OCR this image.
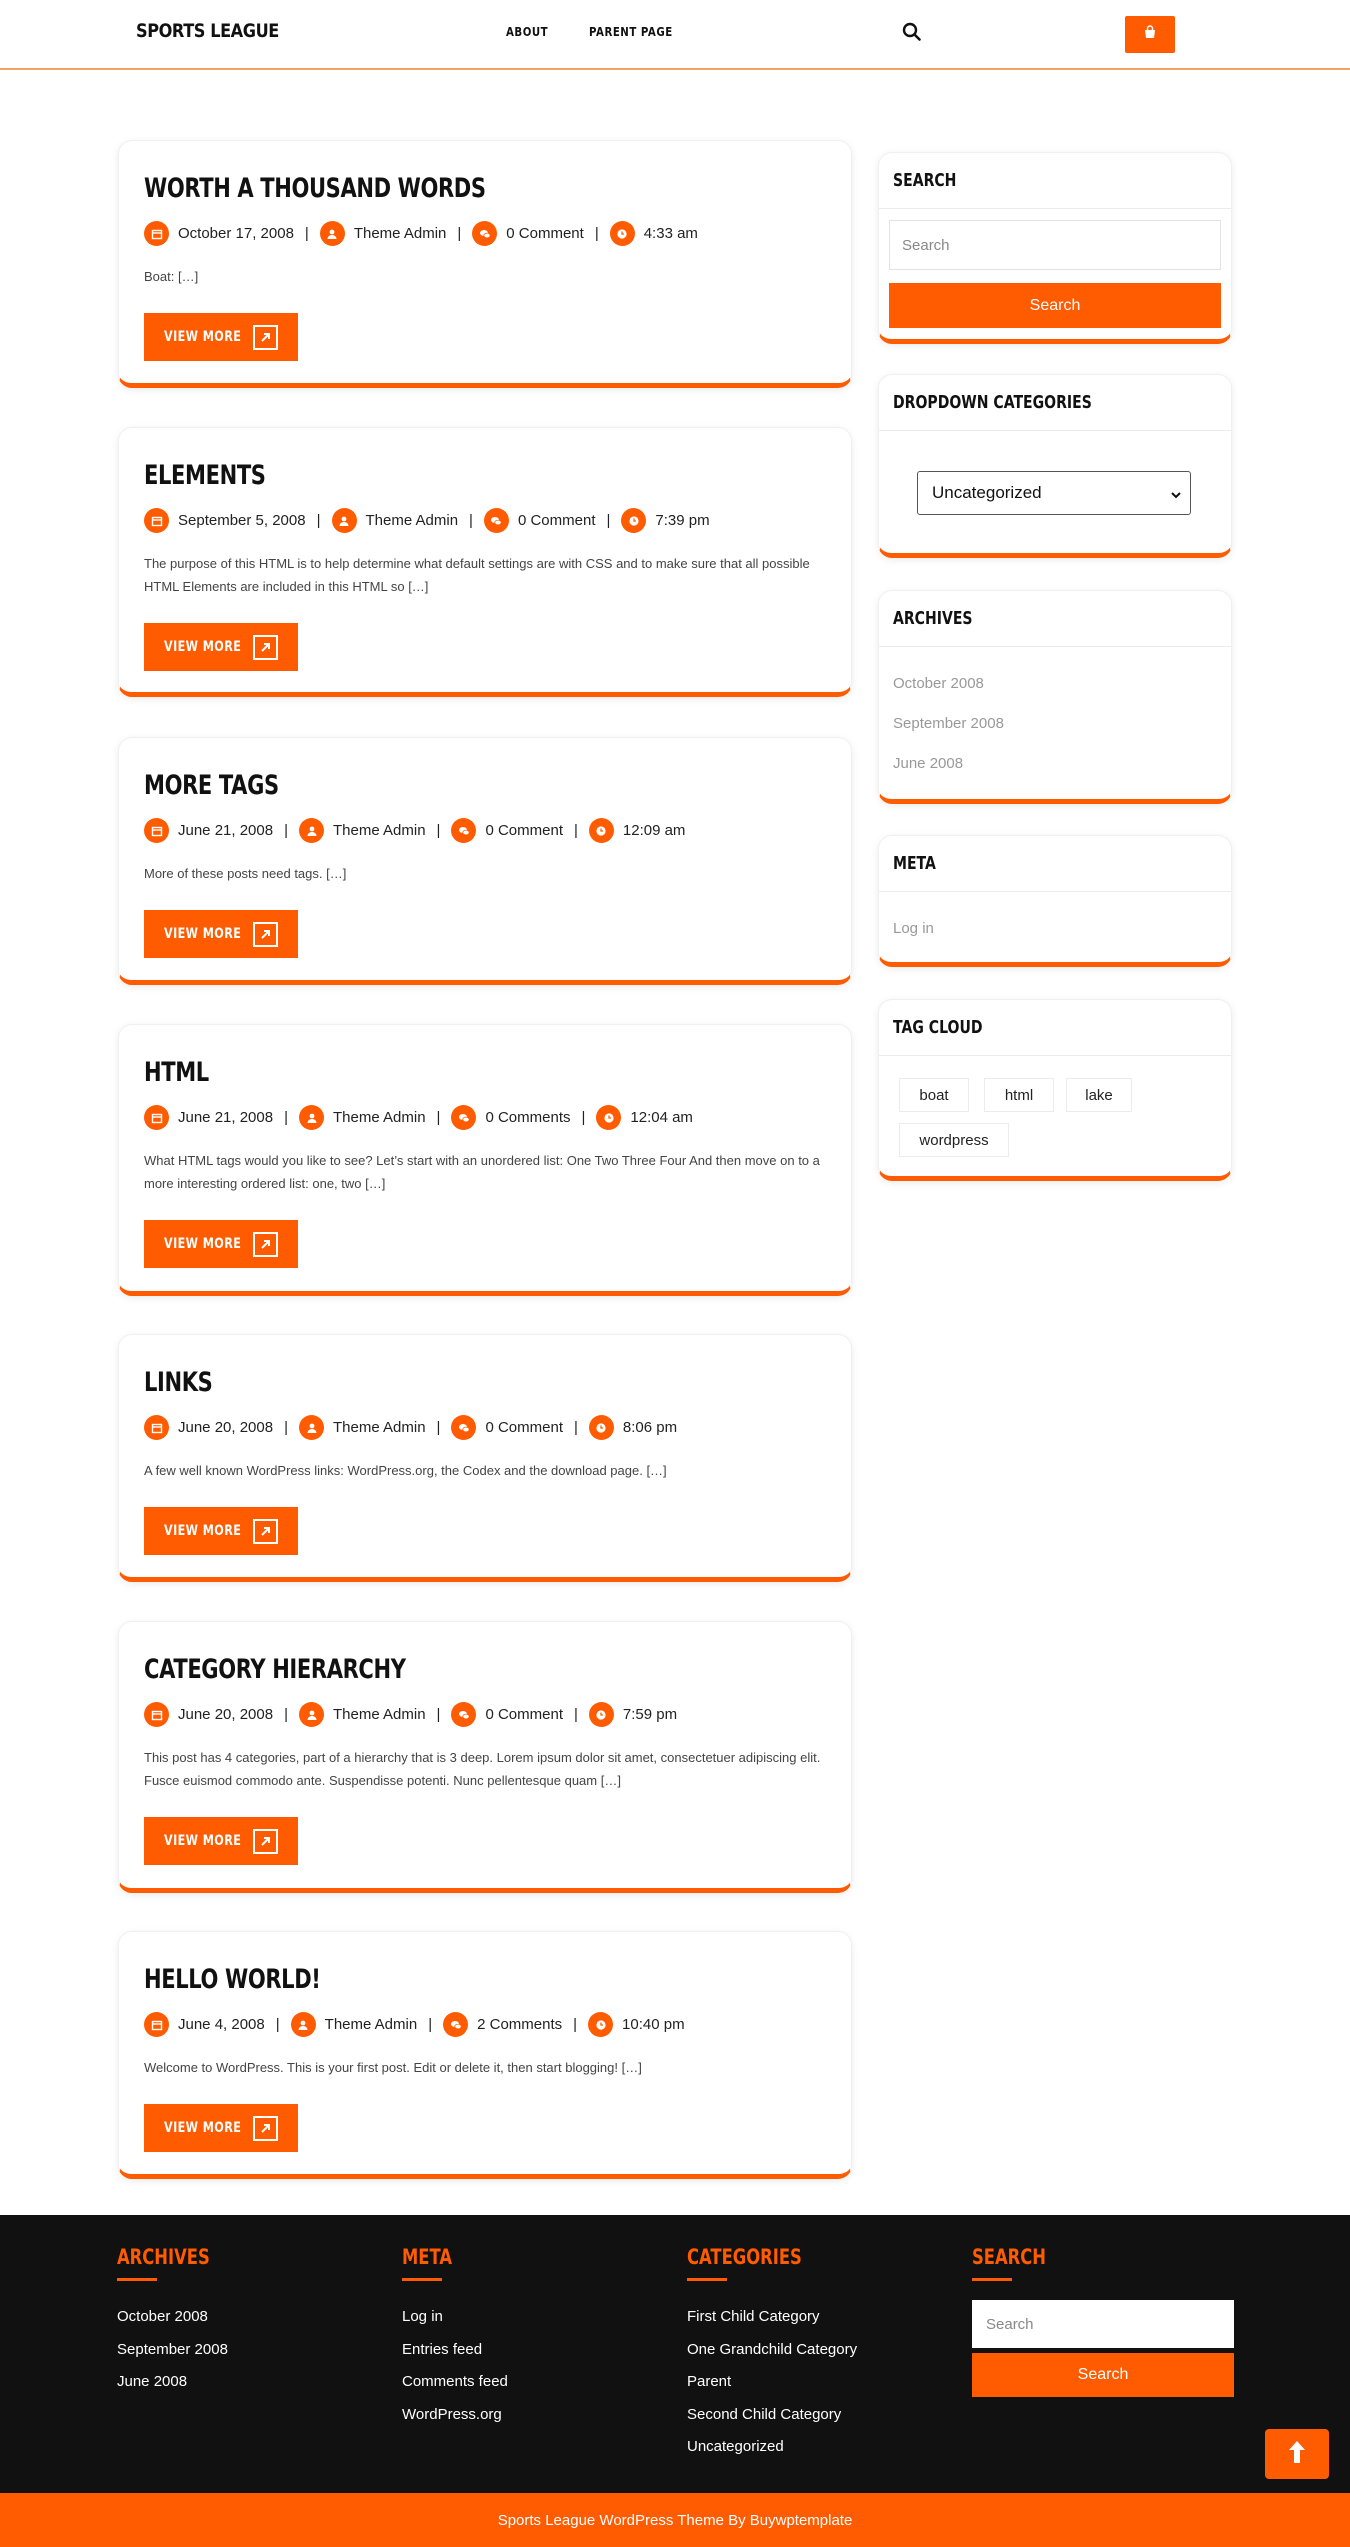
SPORTS LEAGUE	ABOUT	PARENT PAGE
WORTH A THOUSAND WORDS
October 17, 2008 |	Theme Admin |	0 Comment |	4:33 am
Boat: […]
VIEW MORE
ELEMENTS
September 5, 2008 |	Theme Admin |	0 Comment |	7:39 pm
The purpose of this HTML is to help determine what default settings are with CSS and to make sure that all possible HTML Elements are included in this HTML so […]
VIEW MORE
MORE TAGS
June 21, 2008 |	Theme Admin |	0 Comment |	12:09 am
More of these posts need tags. […]
VIEW MORE
HTML
June 21, 2008 |	Theme Admin |	0 Comments |	12:04 am
What HTML tags would you like to see? Let’s start with an unordered list: One Two Three Four And then move on to a more interesting ordered list: one, two […]
VIEW MORE
LINKS
June 20, 2008 |	Theme Admin |	0 Comment |	8:06 pm
A few well known WordPress links: WordPress.org, the Codex and the download page. […]
VIEW MORE
CATEGORY HIERARCHY
June 20, 2008 |	Theme Admin |	0 Comment |	7:59 pm
This post has 4 categories, part of a hierarchy that is 3 deep. Lorem ipsum dolor sit amet, consectetuer adipiscing elit. Fusce euismod commodo ante. Suspendisse potenti. Nunc pellentesque quam […]
VIEW MORE
HELLO WORLD!
June 4, 2008 |	Theme Admin |	2 Comments |	10:40 pm
Welcome to WordPress. This is your first post. Edit or delete it, then start blogging! […]
VIEW MORE
SEARCH
Search
Search
DROPDOWN CATEGORIES
Uncategorized
ARCHIVES
October 2008
September 2008
June 2008
META
Log in
TAG CLOUD
boat	html	lake
wordpress
ARCHIVES	META	CATEGORIES	SEARCH
October 2008
September 2008
June 2008
Log in
Entries feed
Comments feed
WordPress.org
First Child Category
One Grandchild Category
Parent
Second Child Category
Uncategorized
Search
Search
Sports League WordPress Theme By Buywptemplate
